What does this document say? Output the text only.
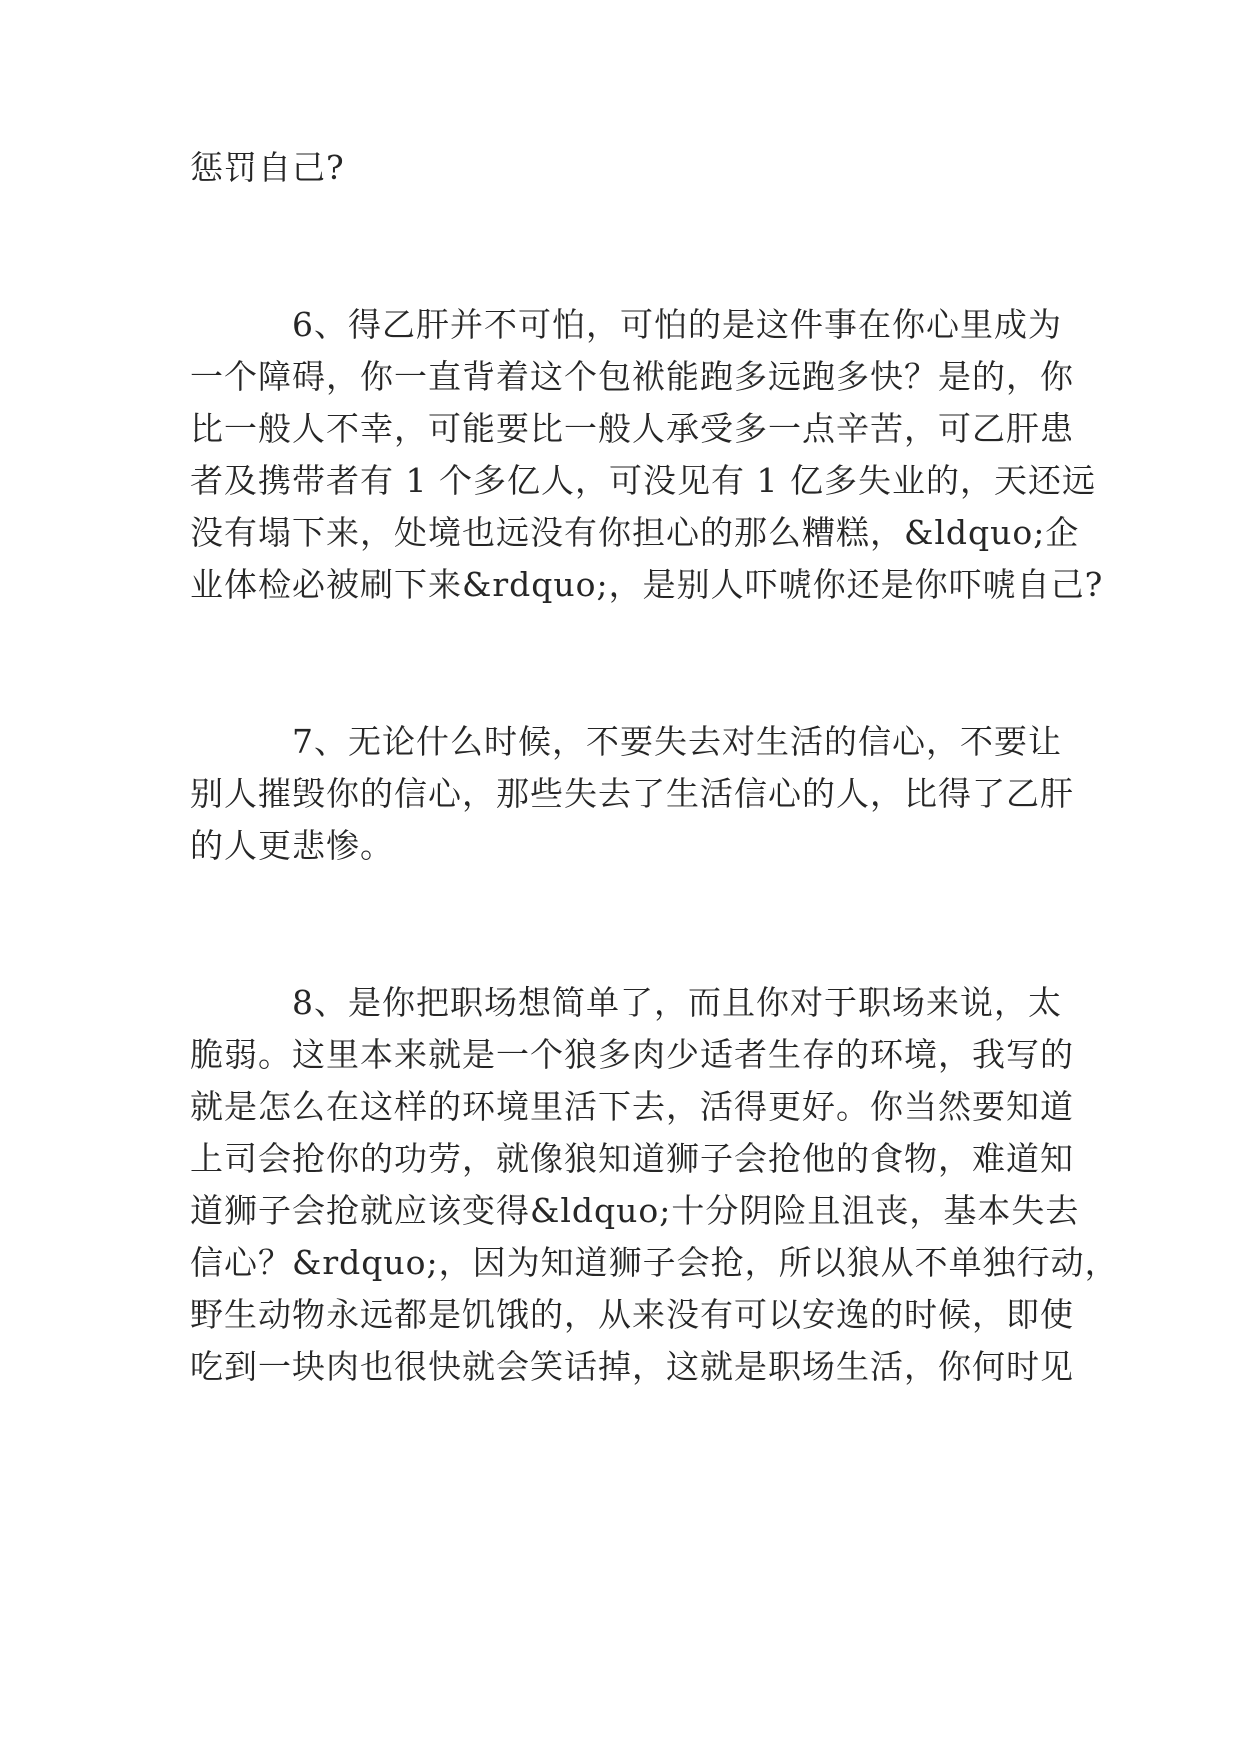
惩罚自己?

6、得乙肝并不可怕，可怕的是这件事在你心里成为

一个障碍，你一直背着这个包袱能跑多远跑多快？是的，你

比一般人不幸，可能要比一般人承受多一点辛苦，可乙肝患

者及携带者有 1 个多亿人，可没见有 1 亿多失业的，天还远

没有塌下来，处境也远没有你担心的那么糟糕，&ldquo;企

业体检必被刷下来&rdquo;，是别人吓唬你还是你吓唬自己?

7、无论什么时候，不要失去对生活的信心，不要让

别人摧毁你的信心，那些失去了生活信心的人，比得了乙肝

的人更悲惨。

8、是你把职场想简单了，而且你对于职场来说，太

脆弱。这里本来就是一个狼多肉少适者生存的环境，我写的

就是怎么在这样的环境里活下去，活得更好。你当然要知道

上司会抢你的功劳，就像狼知道狮子会抢他的食物，难道知

道狮子会抢就应该变得&ldquo;十分阴险且沮丧，基本失去

信心？&rdquo;，因为知道狮子会抢，所以狼从不单独行动，

野生动物永远都是饥饿的，从来没有可以安逸的时候，即使

吃到一块肉也很快就会笑话掉，这就是职场生活，你何时见
